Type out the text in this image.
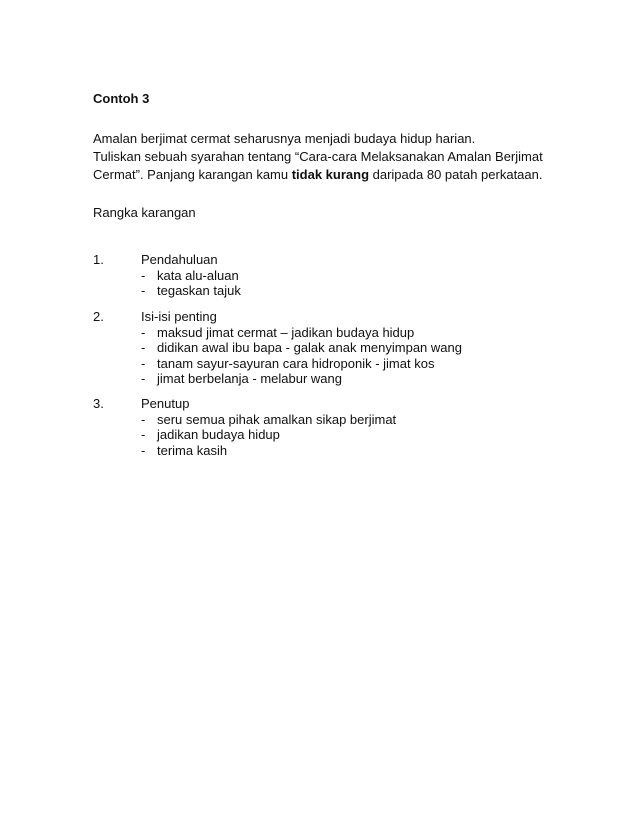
Contoh 3

Amalan berjimat cermat seharusnya menjadi budaya hidup harian.

Tuliskan sebuah syarahan tentang “Cara-cara Melaksanakan Amalan Berjimat

Cermat”. Panjang karangan kamu tidak kurang daripada 80 patah perkataan.

Rangka karangan
1.	Pendahuluan
- kata alu-aluan
- tegaskan tajuk
2.	Isi-isi penting
- maksud jimat cermat – jadikan budaya hidup
- didikan awal ibu bapa - galak anak menyimpan wang
- tanam sayur-sayuran cara hidroponik - jimat kos
- jimat berbelanja - melabur wang
3.	Penutup
- seru semua pihak amalkan sikap berjimat
- jadikan budaya hidup
- terima kasih
